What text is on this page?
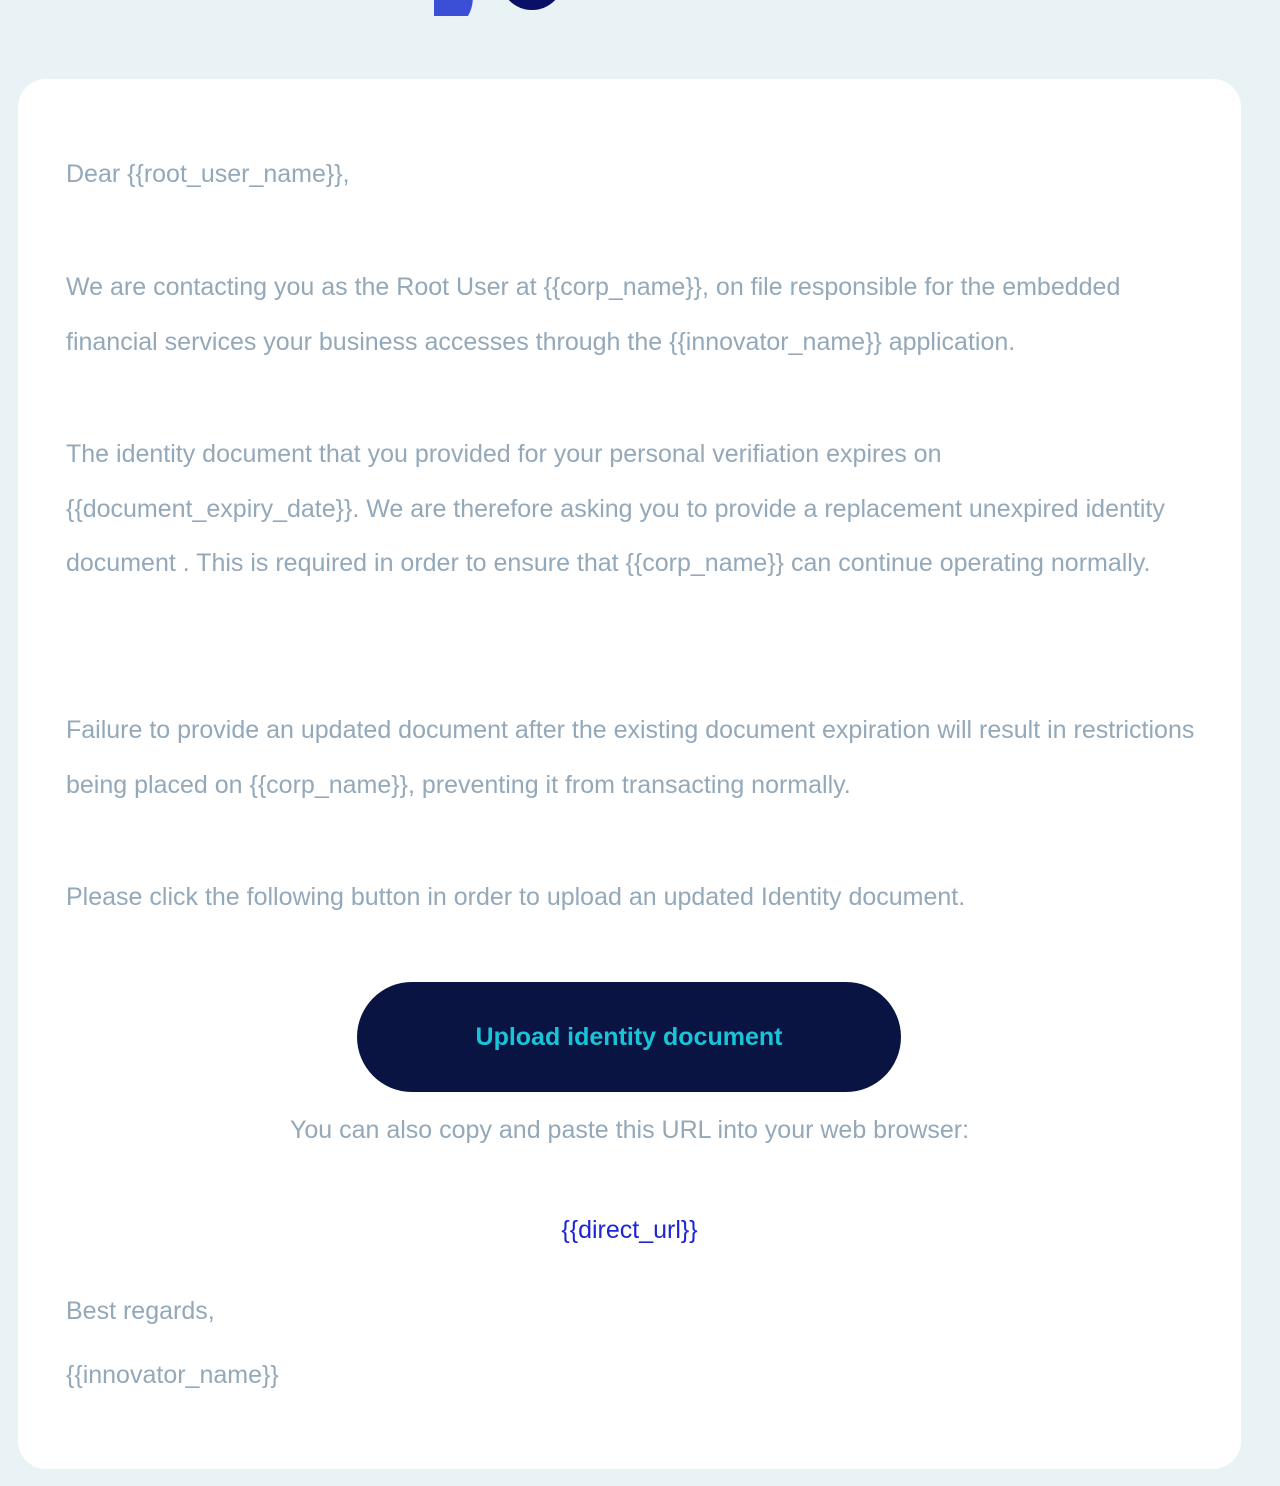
Dear {{root_user_name}},

We are contacting you as the Root User at {{corp_name}}, on file responsible for the embedded financial services your business accesses through the {{innovator_name}} application.

The identity document that you provided for your personal verifiation expires on {{document_expiry_date}}. We are therefore asking you to provide a replacement unexpired identity document . This is required in order to ensure that {{corp_name}} can continue operating normally.

Failure to provide an updated document after the existing document expiration will result in restrictions being placed on {{corp_name}}, preventing it from transacting normally.

Please click the following button in order to upload an updated Identity document.

Upload identity document

You can also copy and paste this URL into your web browser:

{{direct_url}}

Best regards,

{{innovator_name}}
